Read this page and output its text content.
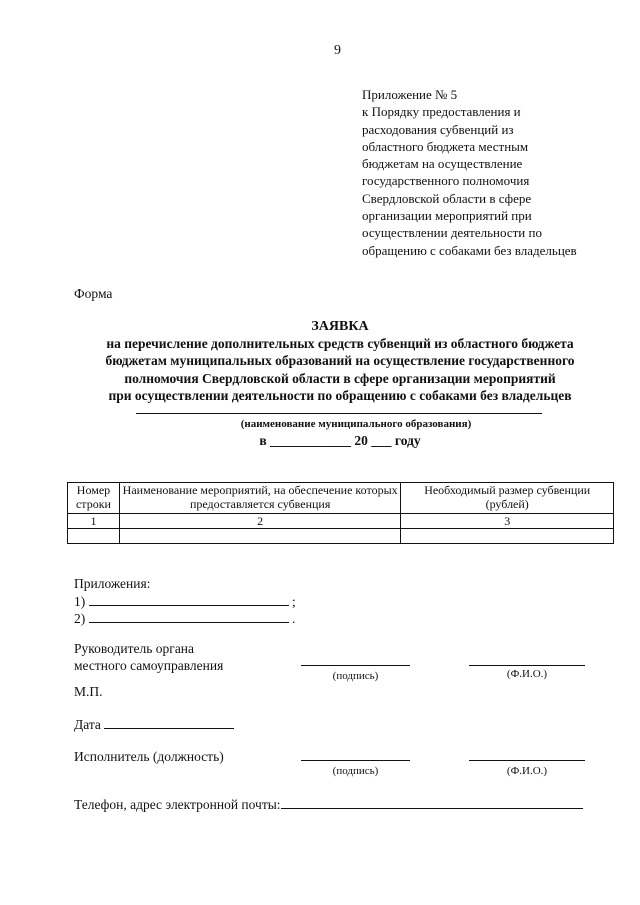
9
Приложение № 5
к Порядку предоставления и
расходования субвенций из
областного бюджета местным
бюджетам на осуществление
государственного полномочия
Свердловской области в сфере
организации мероприятий при
осуществлении деятельности по
обращению с собаками без владельцев
Форма
ЗАЯВКА
на перечисление дополнительных средств субвенций из областного бюджета
бюджетам муниципальных образований на осуществление государственного
полномочия Свердловской области в сфере организации мероприятий
при осуществлении деятельности по обращению с собаками без владельцев
(наименование муниципального образования)
в ____________ 20 ___ году
Номер строки	Наименование мероприятий, на обеспечение которых предоставляется субвенция	Необходимый размер субвенции (рублей)
1	2	3

Приложения:
1)	;
2)	.
Руководитель органа
местного самоуправления
(подпись)	(Ф.И.О.)
М.П.
Дата
Исполнитель (должность)
(подпись)	(Ф.И.О.)
Телефон, адрес электронной почты:
